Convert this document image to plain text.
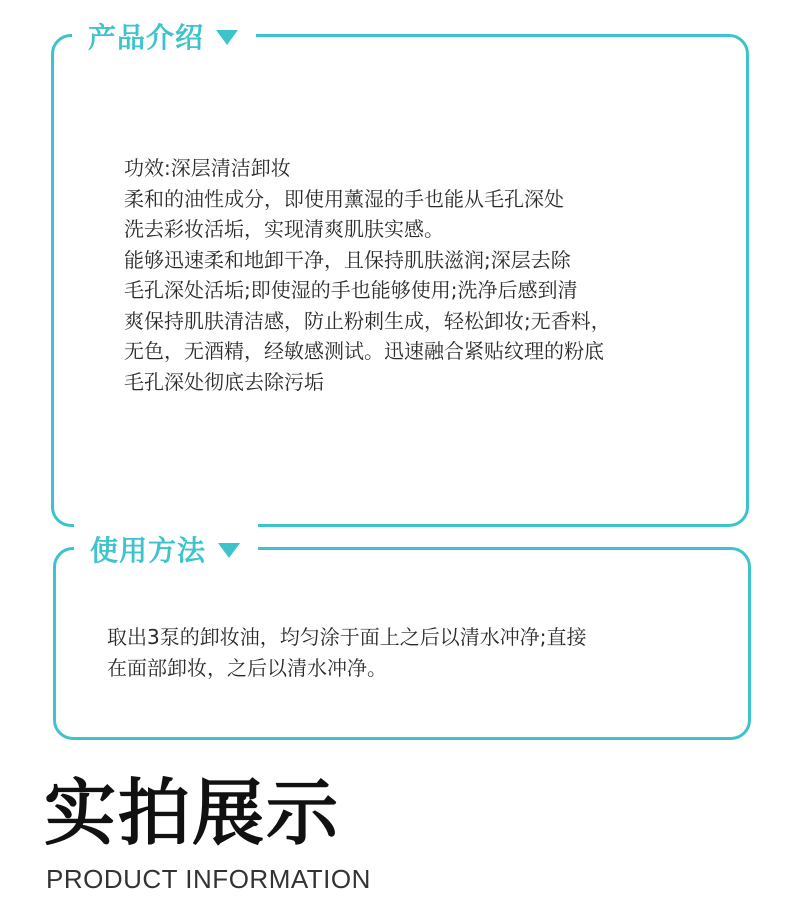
产品介绍

功效:深层清洁卸妆

柔和的油性成分，即使用薰湿的手也能从毛孔深处

洗去彩妆活垢，实现清爽肌肤实感。

能够迅速柔和地卸干净，且保持肌肤滋润;深层去除

毛孔深处活垢;即使湿的手也能够使用;洗净后感到清

爽保持肌肤清洁感，防止粉刺生成，轻松卸妆;无香料，

无色，无酒精，经敏感测试。迅速融合紧贴纹理的粉底

毛孔深处彻底去除污垢

使用方法

取出3泵的卸妆油，均匀涂于面上之后以清水冲净;直接

在面部卸妆，之后以清水冲净。

实拍展示
PRODUCT INFORMATION
